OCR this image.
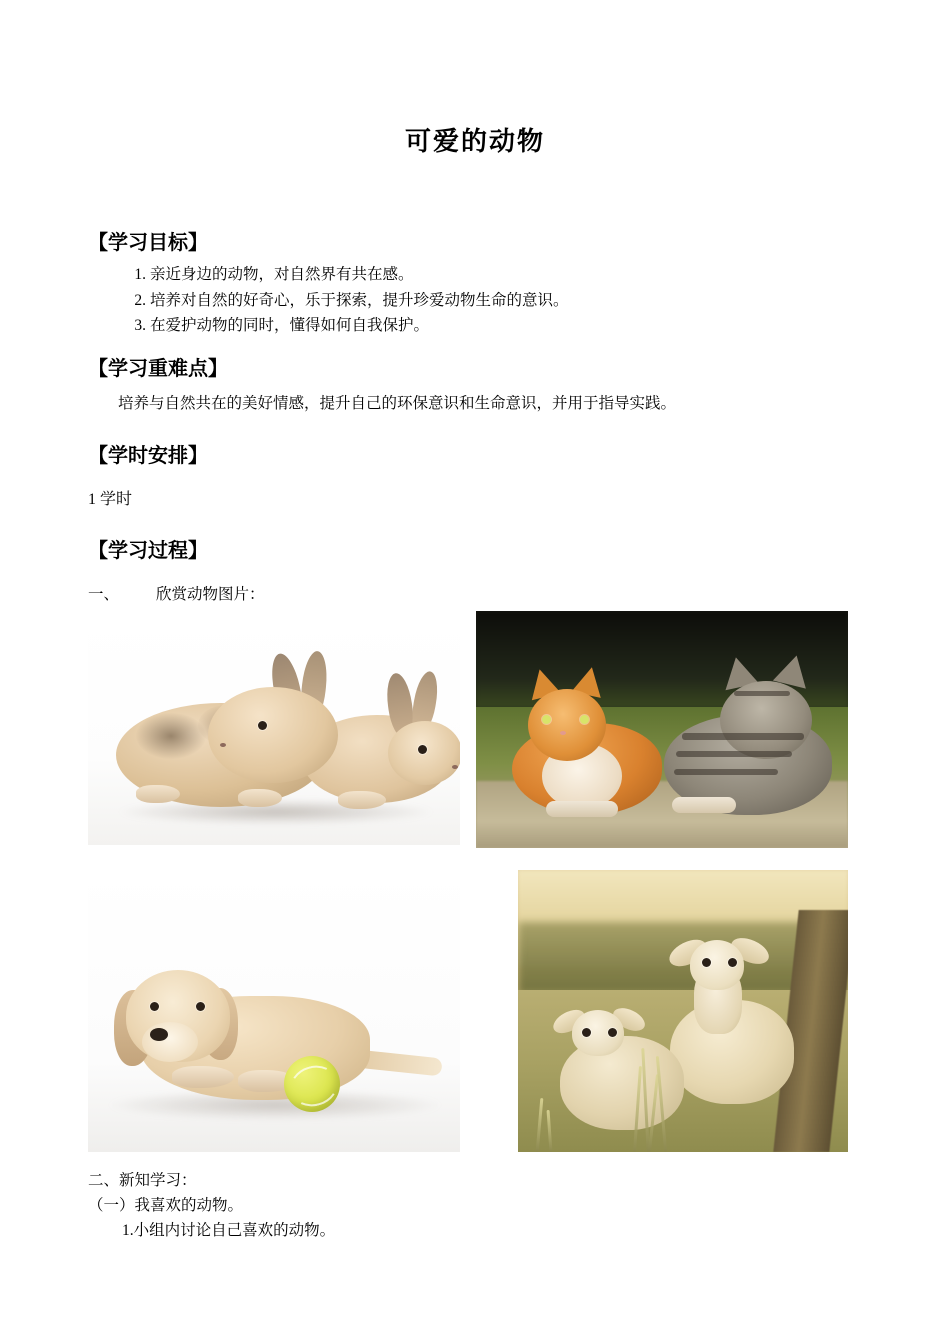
可爱的动物
【学习目标】
1. 亲近身边的动物，对自然界有共在感。
2. 培养对自然的好奇心，乐于探索，提升珍爱动物生命的意识。
3. 在爱护动物的同时，懂得如何自我保护。
【学习重难点】

培养与自然共在的美好情感，提升自己的环保意识和生命意识，并用于指导实践。

【学时安排】

1 学时

【学习过程】

一、 欣赏动物图片：

二、新知学习：

（一）我喜欢的动物。

1.小组内讨论自己喜欢的动物。
